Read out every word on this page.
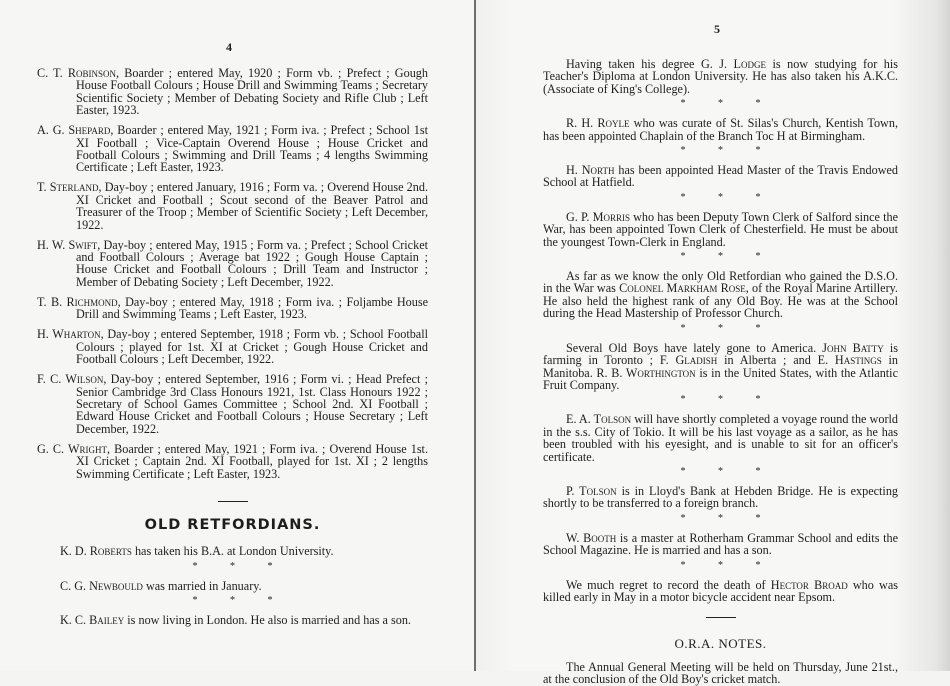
4

C. T. Robinson, Boarder ; entered May, 1920 ; Form vb. ; Prefect ; Gough House Football Colours ; House Drill and Swimming Teams ; Secretary Scientific Society ; Member of Debating Society and Rifle Club ; Left Easter, 1923.

A. G. Shepard, Boarder ; entered May, 1921 ; Form iva. ; Prefect ; School 1st XI Football ; Vice-Captain Overend House ; House Cricket and Football Colours ; Swimming and Drill Teams ; 4 lengths Swimming Certificate ; Left Easter, 1923.

T. Sterland, Day-boy ; entered January, 1916 ; Form va. ; Overend House 2nd. XI Cricket and Football ; Scout second of the Beaver Patrol and Treasurer of the Troop ; Member of Scientific Society ; Left December, 1922.

H. W. Swift, Day-boy ; entered May, 1915 ; Form va. ; Prefect ; School Cricket and Football Colours ; Average bat 1922 ; Gough House Captain ; House Cricket and Football Colours ; Drill Team and Instructor ; Member of Debating Society ; Left December, 1922.

T. B. Richmond, Day-boy ; entered May, 1918 ; Form iva. ; Foljambe House Drill and Swimming Teams ; Left Easter, 1923.

H. Wharton, Day-boy ; entered September, 1918 ; Form vb. ; School Football Colours ; played for 1st. XI at Cricket ; Gough House Cricket and Football Colours ; Left December, 1922.

F. C. Wilson, Day-boy ; entered September, 1916 ; Form vi. ; Head Prefect ; Senior Cambridge 3rd Class Honours 1921, 1st. Class Honours 1922 ; Secretary of School Games Committee ; School 2nd. XI Football ; Edward House Cricket and Football Colours ; House Secretary ; Left December, 1922.

G. C. Wright, Boarder ; entered May, 1921 ; Form iva. ; Overend House 1st. XI Cricket ; Captain 2nd. XI Football, played for 1st. XI ; 2 lengths Swimming Certificate ; Left Easter, 1923.

OLD RETFORDIANS.

K. D. Roberts has taken his B.A. at London University.

* * *

C. G. Newbould was married in January.

* * *

K. C. Bailey is now living in London. He also is married and has a son.

5

Having taken his degree G. J. Lodge is now studying for his Teacher's Diploma at London University. He has also taken his A.K.C. (Associate of King's College).

* * *

R. H. Royle who was curate of St. Silas's Church, Kentish Town, has been appointed Chaplain of the Branch Toc H at Birmingham.

* * *

H. North has been appointed Head Master of the Travis Endowed School at Hatfield.

* * *

G. P. Morris who has been Deputy Town Clerk of Salford since the War, has been appointed Town Clerk of Chesterfield. He must be about the youngest Town-Clerk in England.

* * *

As far as we know the only Old Retfordian who gained the D.S.O. in the War was Colonel Markham Rose, of the Royal Marine Artillery. He also held the highest rank of any Old Boy. He was at the School during the Head Mastership of Professor Church.

* * *

Several Old Boys have lately gone to America. John Batty is farming in Toronto ; F. Gladish in Alberta ; and E. Hastings in Manitoba. R. B. Worthington is in the United States, with the Atlantic Fruit Company.

* * *

E. A. Tolson will have shortly completed a voyage round the world in the s.s. City of Tokio. It will be his last voyage as a sailor, as he has been troubled with his eyesight, and is unable to sit for an officer's certificate.

* * *

P. Tolson is in Lloyd's Bank at Hebden Bridge. He is expecting shortly to be transferred to a foreign branch.

* * *

W. Booth is a master at Rotherham Grammar School and edits the School Magazine. He is married and has a son.

* * *

We much regret to record the death of Hector Broad who was killed early in May in a motor bicycle accident near Epsom.

O.R.A. NOTES.

The Annual General Meeting will be held on Thursday, June 21st., at the conclusion of the Old Boy's cricket match.
